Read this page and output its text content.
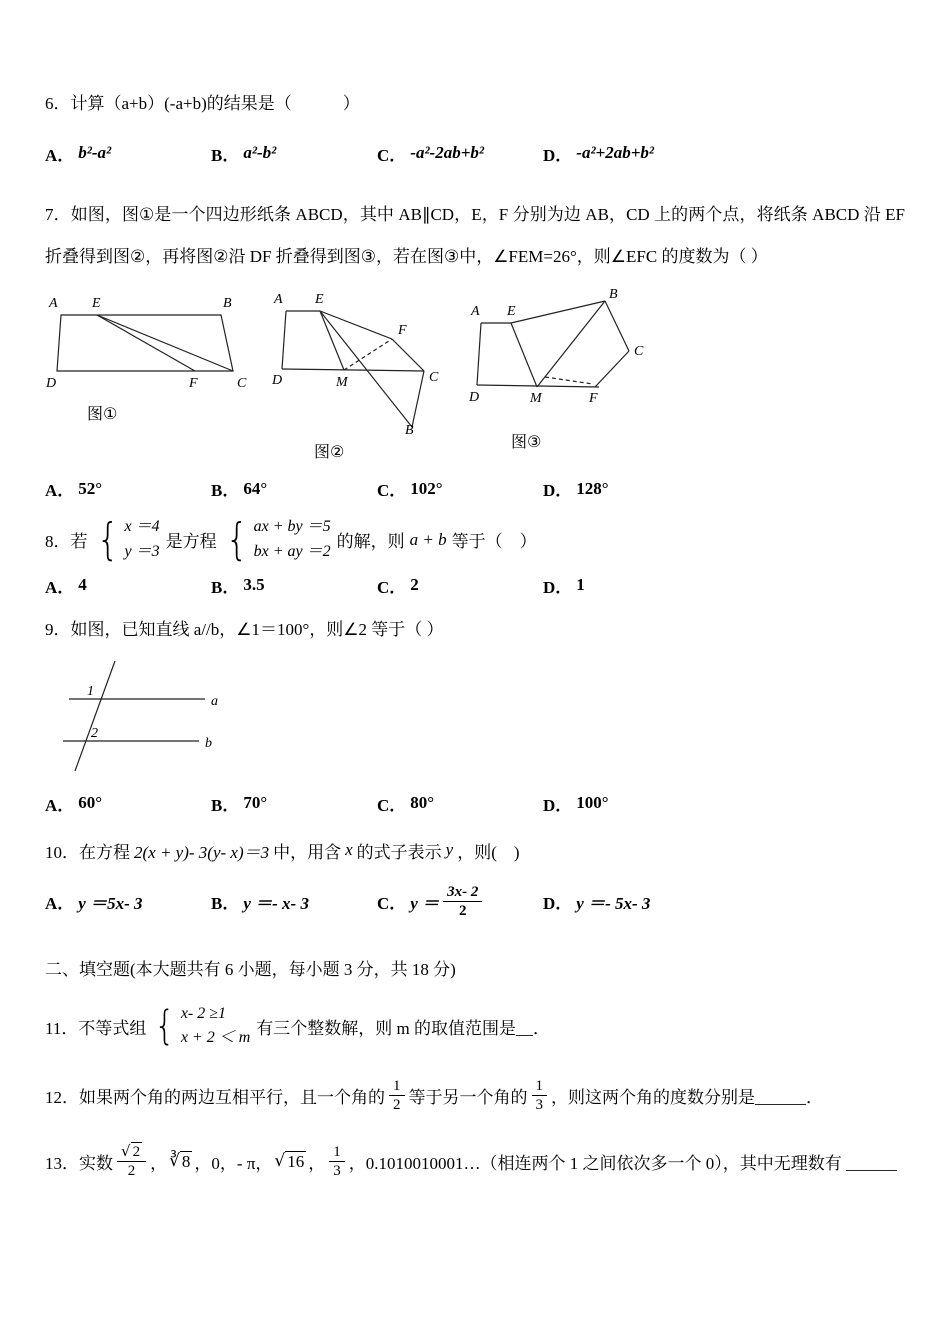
6．计算（a+b）(-a+b)的结果是（　　　）

A． b²-a²	B． a²-b²	C． -a²-2ab+b²	D． -a²+2ab+b²

7．如图，图①是一个四边形纸条 ABCD，其中 AB∥CD，E，F 分别为边 AB，CD 上的两个点，将纸条 ABCD 沿 EF 折叠得到图②，再将图②沿 DF 折叠得到图③，若在图③中，∠FEM=26°，则∠EFC 的度数为（ ）

A E	B
D	F	C
图①
A E
F
D	M	C
B
图②
A E
B
C
D	M	F
图③
A． 52°	B． 64°	C． 102°	D． 128°
8． 若 { x ＝4
y ＝3 是方程 { ax + by ＝5
bx + ay ＝2 的解，则 a + b 等于（　）
A． 4	B． 3.5	C． 2	D． 1

9．如图，已知直线 a//b，∠1＝100°，则∠2 等于（ ）

a
b
1
2
A． 60°	B． 70°	C． 80°	D． 100°
10． 在方程 2(x + y)- 3(y- x)＝3 中，用含 x 的式子表示 y ，则(　)
A． y ＝5x- 3	B． y ＝- x- 3	C． $y = \frac{3x- 2}{2}$	D． y ＝- 5x- 3

二、填空题(本大题共有 6 小题，每小题 3 分，共 18 分)

11． 不等式组 { x- 2 ≥1
x + 2 ＜ m 有三个整数解，则 m 的取值范围是__．
12． 如果两个角的两边互相平行，且一个角的 $\frac{1}{2}$ 等于另一个角的 $\frac{1}{3}$ ，则这两个角的度数分别是______．
13． 实数 $\frac{√ 2}{2}$ ， ∛ 8 ，0，- π， √ 16 ， $\frac{1}{3}$ ，0.1010010001…（相连两个 1 之间依次多一个 0），其中无理数有 ______
